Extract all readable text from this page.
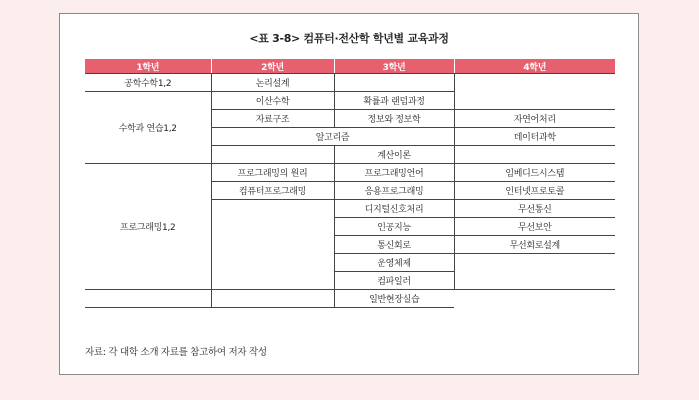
<표 3-8> 컴퓨터·전산학 학년별 교육과정
1학년	2학년	3학년	4학년
공학수학1,2	논리설계		
수학과 연습1,2	이산수학	확률과 랜덤과정	
	자료구조	정보와 정보학	자연어처리
	알고리즘		데이터과학
		계산이론	
프로그래밍1,2	프로그래밍의 원리	프로그래밍언어	임베디드시스템
	컴퓨터프로그래밍	응용프로그래밍	인터넷프로토콜
		디지털신호처리	무선통신
		인공지능	무선보안
		통신회로	무선회로설계
		운영체제	
		컴파일러	
		일반현장실습	
자료: 각 대학 소개 자료를 참고하여 저자 작성
